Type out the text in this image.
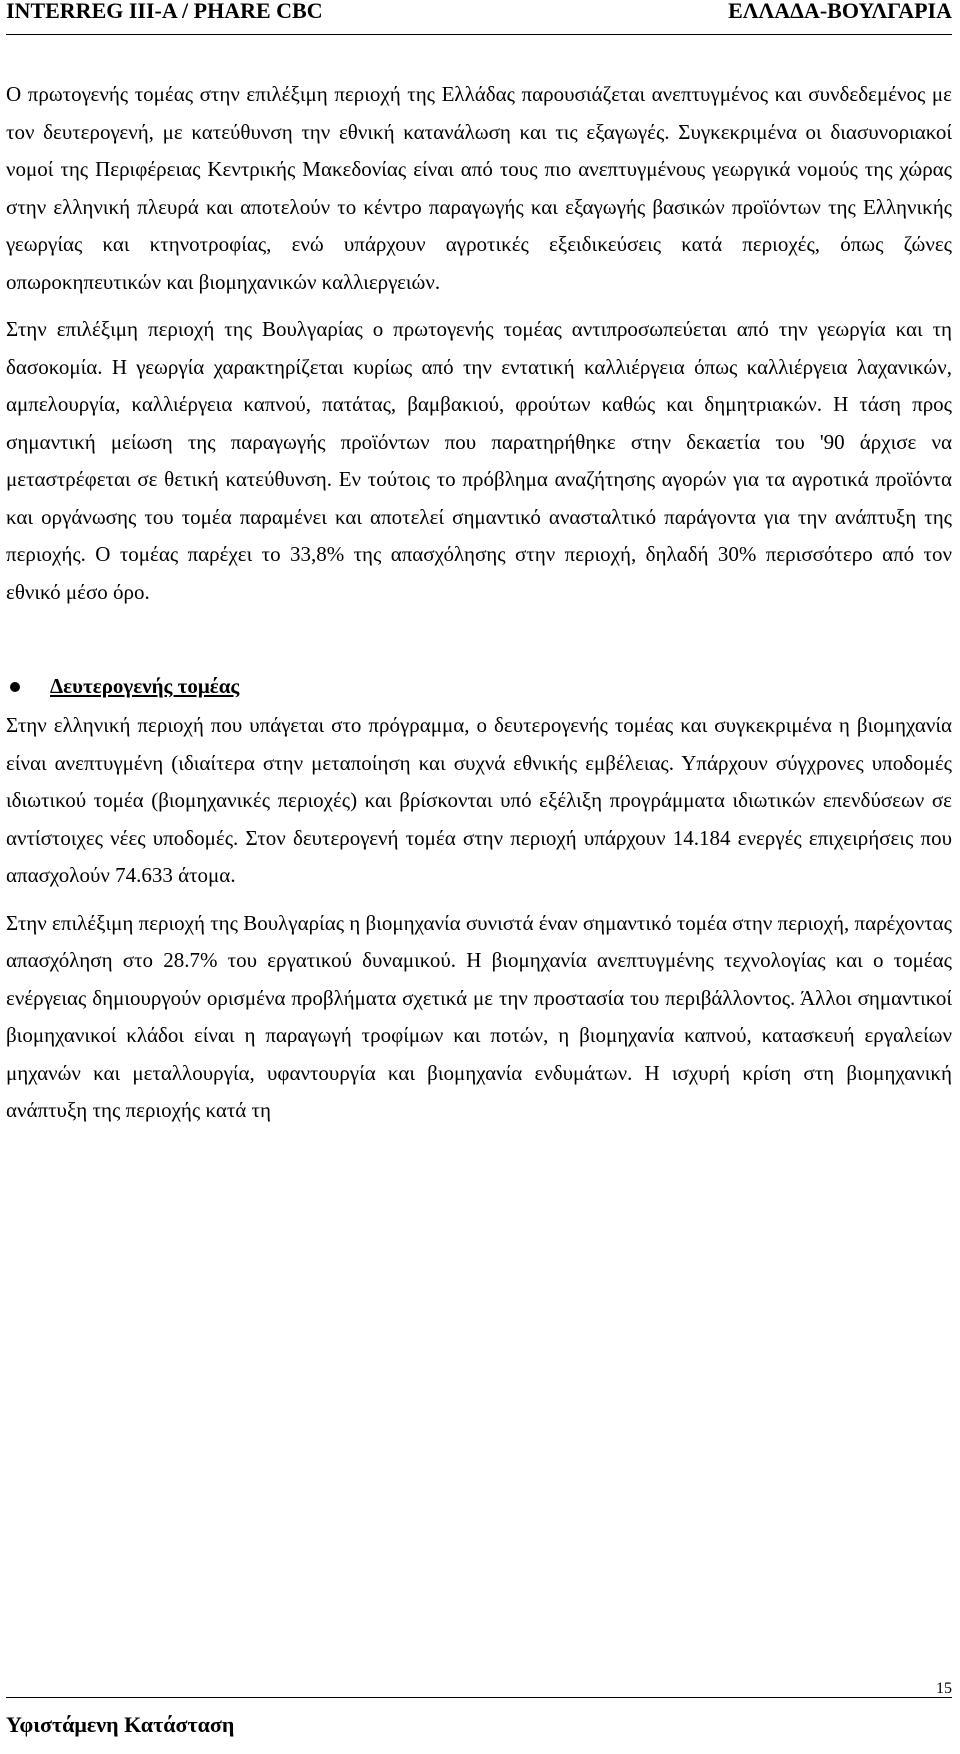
INTERREG III-A / PHARE CBC	ΕΛΛΑΔΑ-ΒΟΥΛΓΑΡΙΑ

Ο πρωτογενής τομέας στην επιλέξιμη περιοχή της Ελλάδας παρουσιάζεται ανεπτυγμένος και συνδεδεμένος με τον δευτερογενή, με κατεύθυνση την εθνική κατανάλωση και τις εξαγωγές. Συγκεκριμένα οι διασυνοριακοί νομοί της Περιφέρειας Κεντρικής Μακεδονίας είναι από τους πιο ανεπτυγμένους γεωργικά νομούς της χώρας στην ελληνική πλευρά και αποτελούν το κέντρο παραγωγής και εξαγωγής βασικών προϊόντων της Ελληνικής γεωργίας και κτηνοτροφίας, ενώ υπάρχουν αγροτικές εξειδικεύσεις κατά περιοχές, όπως ζώνες οπωροκηπευτικών και βιομηχανικών καλλιεργειών.

Στην επιλέξιμη περιοχή της Βουλγαρίας ο πρωτογενής τομέας αντιπροσωπεύεται από την γεωργία και τη δασοκομία. Η γεωργία χαρακτηρίζεται κυρίως από την εντατική καλλιέργεια όπως καλλιέργεια λαχανικών, αμπελουργία, καλλιέργεια καπνού, πατάτας, βαμβακιού, φρούτων καθώς και δημητριακών. Η τάση προς σημαντική μείωση της παραγωγής προϊόντων που παρατηρήθηκε στην δεκαετία του '90 άρχισε να μεταστρέφεται σε θετική κατεύθυνση. Εν τούτοις το πρόβλημα αναζήτησης αγορών για τα αγροτικά προϊόντα και οργάνωσης του τομέα παραμένει και αποτελεί σημαντικό ανασταλτικό παράγοντα για την ανάπτυξη της περιοχής. Ο τομέας παρέχει το 33,8% της απασχόλησης στην περιοχή, δηλαδή 30% περισσότερο από τον εθνικό μέσο όρο.

Δευτερογενής τομέας

Στην ελληνική περιοχή που υπάγεται στο πρόγραμμα, ο δευτερογενής τομέας και συγκεκριμένα η βιομηχανία είναι ανεπτυγμένη (ιδιαίτερα στην μεταποίηση και συχνά εθνικής εμβέλειας. Υπάρχουν σύγχρονες υποδομές ιδιωτικού τομέα (βιομηχανικές περιοχές) και βρίσκονται υπό εξέλιξη προγράμματα ιδιωτικών επενδύσεων σε αντίστοιχες νέες υποδομές. Στον δευτερογενή τομέα στην περιοχή υπάρχουν 14.184 ενεργές επιχειρήσεις που απασχολούν 74.633 άτομα.

Στην επιλέξιμη περιοχή της Βουλγαρίας η βιομηχανία συνιστά έναν σημαντικό τομέα στην περιοχή, παρέχοντας απασχόληση στο 28.7% του εργατικού δυναμικού. Η βιομηχανία ανεπτυγμένης τεχνολογίας και ο τομέας ενέργειας δημιουργούν ορισμένα προβλήματα σχετικά με την προστασία του περιβάλλοντος. Άλλοι σημαντικοί βιομηχανικοί κλάδοι είναι η παραγωγή τροφίμων και ποτών, η βιομηχανία καπνού, κατασκευή εργαλείων μηχανών και μεταλλουργία, υφαντουργία και βιομηχανία ενδυμάτων. Η ισχυρή κρίση στη βιομηχανική ανάπτυξη της περιοχής κατά τη

Υφιστάμενη Κατάσταση
15
